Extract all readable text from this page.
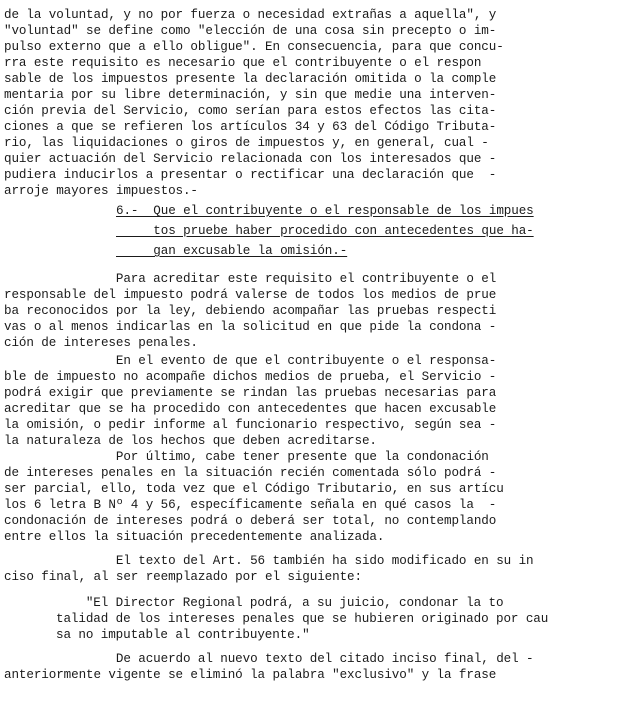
de la voluntad, y no por fuerza o necesidad extrañas a aquella", y
"voluntad" se define como "elección de una cosa sin precepto o im-
pulso externo que a ello obligue". En consecuencia, para que concu-
rra este requisito es necesario que el contribuyente o el respon
sable de los impuestos presente la declaración omitida o la comple
mentaria por su libre determinación, y sin que medie una interven-
ción previa del Servicio, como serían para estos efectos las cita-
ciones a que se refieren los artículos 34 y 63 del Código Tributa-
rio, las liquidaciones o giros de impuestos y, en general, cual -
quier actuación del Servicio relacionada con los interesados que -
pudiera inducirlos a presentar o rectificar una declaración que  -
arroje mayores impuestos.-
6.-  Que el contribuyente o el responsable de los impues
tos pruebe haber procedido con antecedentes que ha-
gan excusable la omisión.-
Para acreditar este requisito el contribuyente o el
responsable del impuesto podrá valerse de todos los medios de prue
ba reconocidos por la ley, debiendo acompañar las pruebas respecti
vas o al menos indicarlas en la solicitud en que pide la condona -
ción de intereses penales.
En el evento de que el contribuyente o el responsa-
ble de impuesto no acompañe dichos medios de prueba, el Servicio -
podrá exigir que previamente se rindan las pruebas necesarias para
acreditar que se ha procedido con antecedentes que hacen excusable
la omisión, o pedir informe al funcionario respectivo, según sea -
la naturaleza de los hechos que deben acreditarse.
Por último, cabe tener presente que la condonación
de intereses penales en la situación recién comentada sólo podrá -
ser parcial, ello, toda vez que el Código Tributario, en sus artícu
los 6 letra B Nº 4 y 56, específicamente señala en qué casos la  -
condonación de intereses podrá o deberá ser total, no contemplando
entre ellos la situación precedentemente analizada.
El texto del Art. 56 también ha sido modificado en su in
ciso final, al ser reemplazado por el siguiente:
"El Director Regional podrá, a su juicio, condonar la to
talidad de los intereses penales que se hubieren originado por cau
sa no imputable al contribuyente."
De acuerdo al nuevo texto del citado inciso final, del -
anteriormente vigente se eliminó la palabra "exclusivo" y la frase
